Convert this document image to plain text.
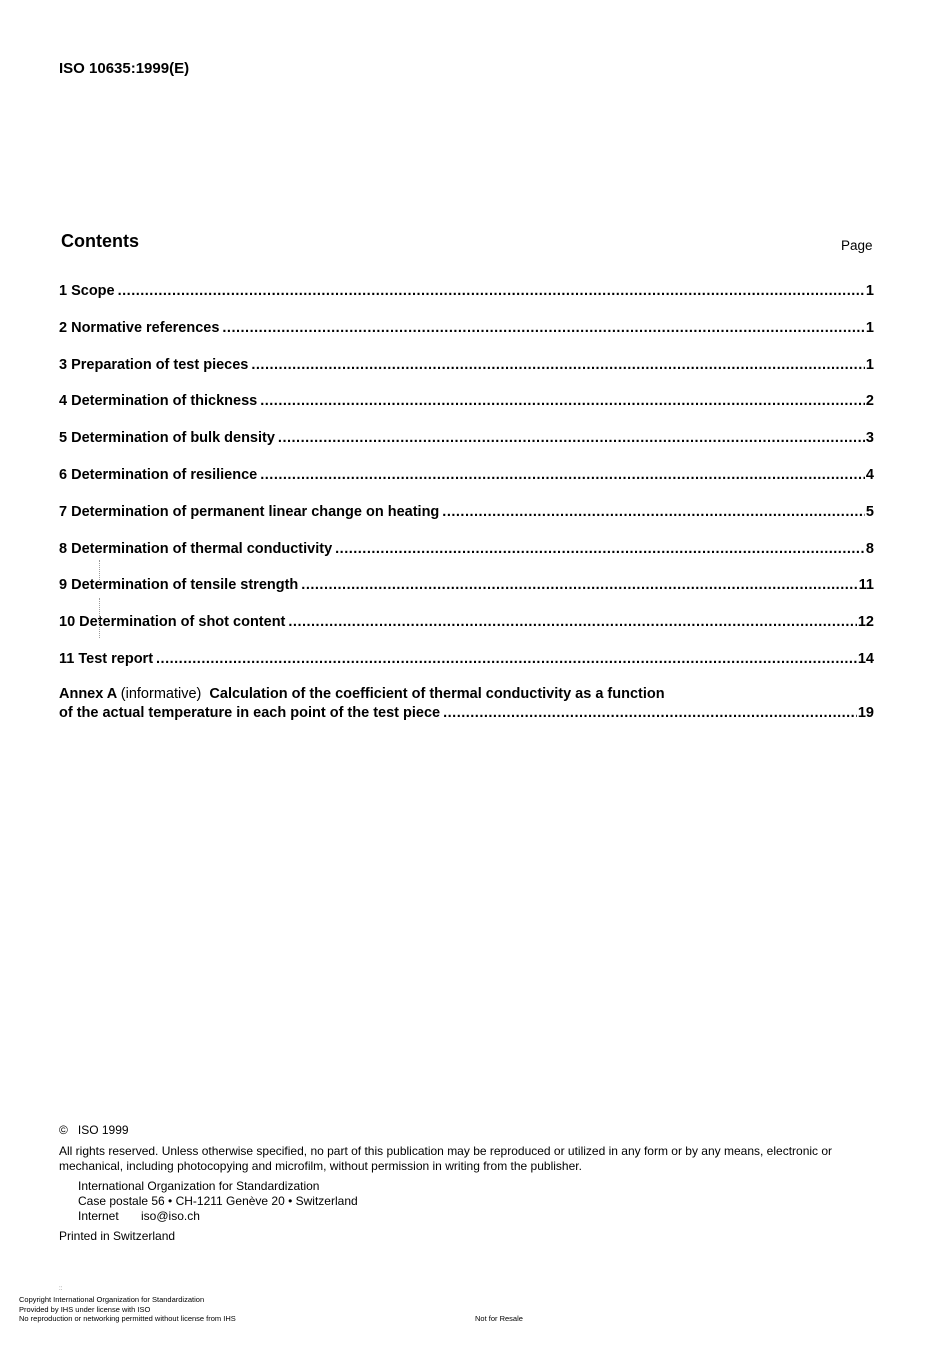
ISO 10635:1999(E)
Contents	Page
1 Scope .....	1
2 Normative references .....	1
3 Preparation of test pieces .....	1
4 Determination of thickness .....	2
5 Determination of bulk density .....	3
6 Determination of resilience .....	4
7 Determination of permanent linear change on heating .....	5
8 Determination of thermal conductivity .....	8
9 Determination of tensile strength .....	11
10 Determination of shot content .....	12
11 Test report .....	14
Annex A (informative) Calculation of the coefficient of thermal conductivity as a function
of the actual temperature in each point of the test piece .....	19
© ISO 1999
All rights reserved. Unless otherwise specified, no part of this publication may be reproduced or utilized in any form or by any means, electronic or mechanical, including photocopying and microfilm, without permission in writing from the publisher.
International Organization for Standardization
Case postale 56 • CH-1211 Genève 20 • Switzerland
Internet iso@iso.ch
Printed in Switzerland
::
Copyright International Organization for Standardization
Provided by IHS under license with ISO
No reproduction or networking permitted without license from IHS	Not for Resale
